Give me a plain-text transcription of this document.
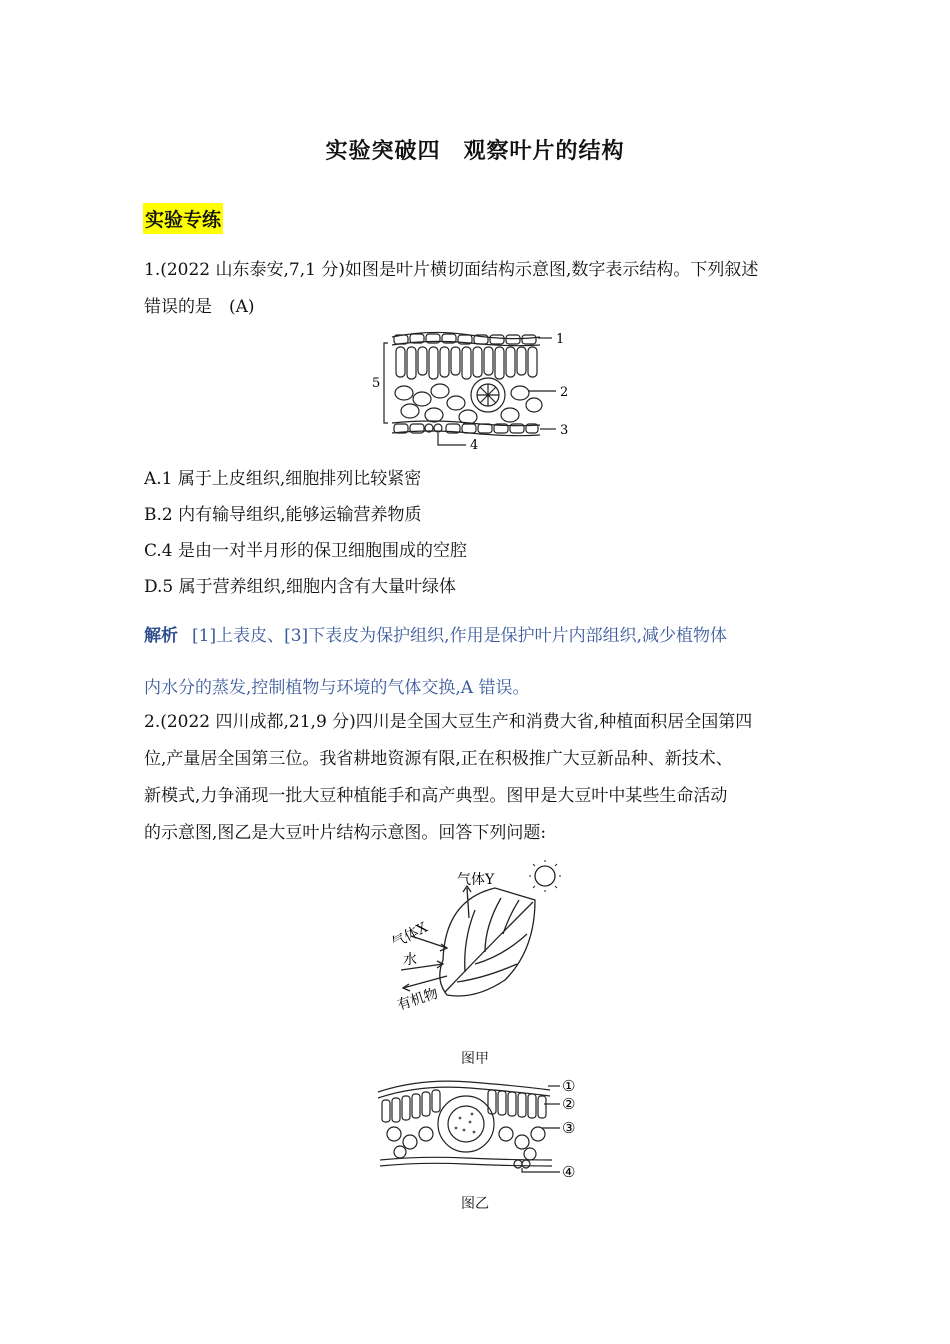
实验突破四　观察叶片的结构
实验专练
1.(2022 山东泰安,7,1 分)如图是叶片横切面结构示意图,数字表示结构。下列叙述
错误的是　(A)
1
2
3
4
5
A.1 属于上皮组织,细胞排列比较紧密
B.2 内有输导组织,能够运输营养物质
C.4 是由一对半月形的保卫细胞围成的空腔
D.5 属于营养组织,细胞内含有大量叶绿体
解析 [1]上表皮、[3]下表皮为保护组织,作用是保护叶片内部组织,减少植物体
内水分的蒸发,控制植物与环境的气体交换,A 错误。
2.(2022 四川成都,21,9 分)四川是全国大豆生产和消费大省,种植面积居全国第四
位,产量居全国第三位。我省耕地资源有限,正在积极推广大豆新品种、新技术、
新模式,力争涌现一批大豆种植能手和高产典型。图甲是大豆叶中某些生命活动
的示意图,图乙是大豆叶片结构示意图。回答下列问题:
气体Y
气体X
水
有机物
图甲
①
②
③
④
图乙
